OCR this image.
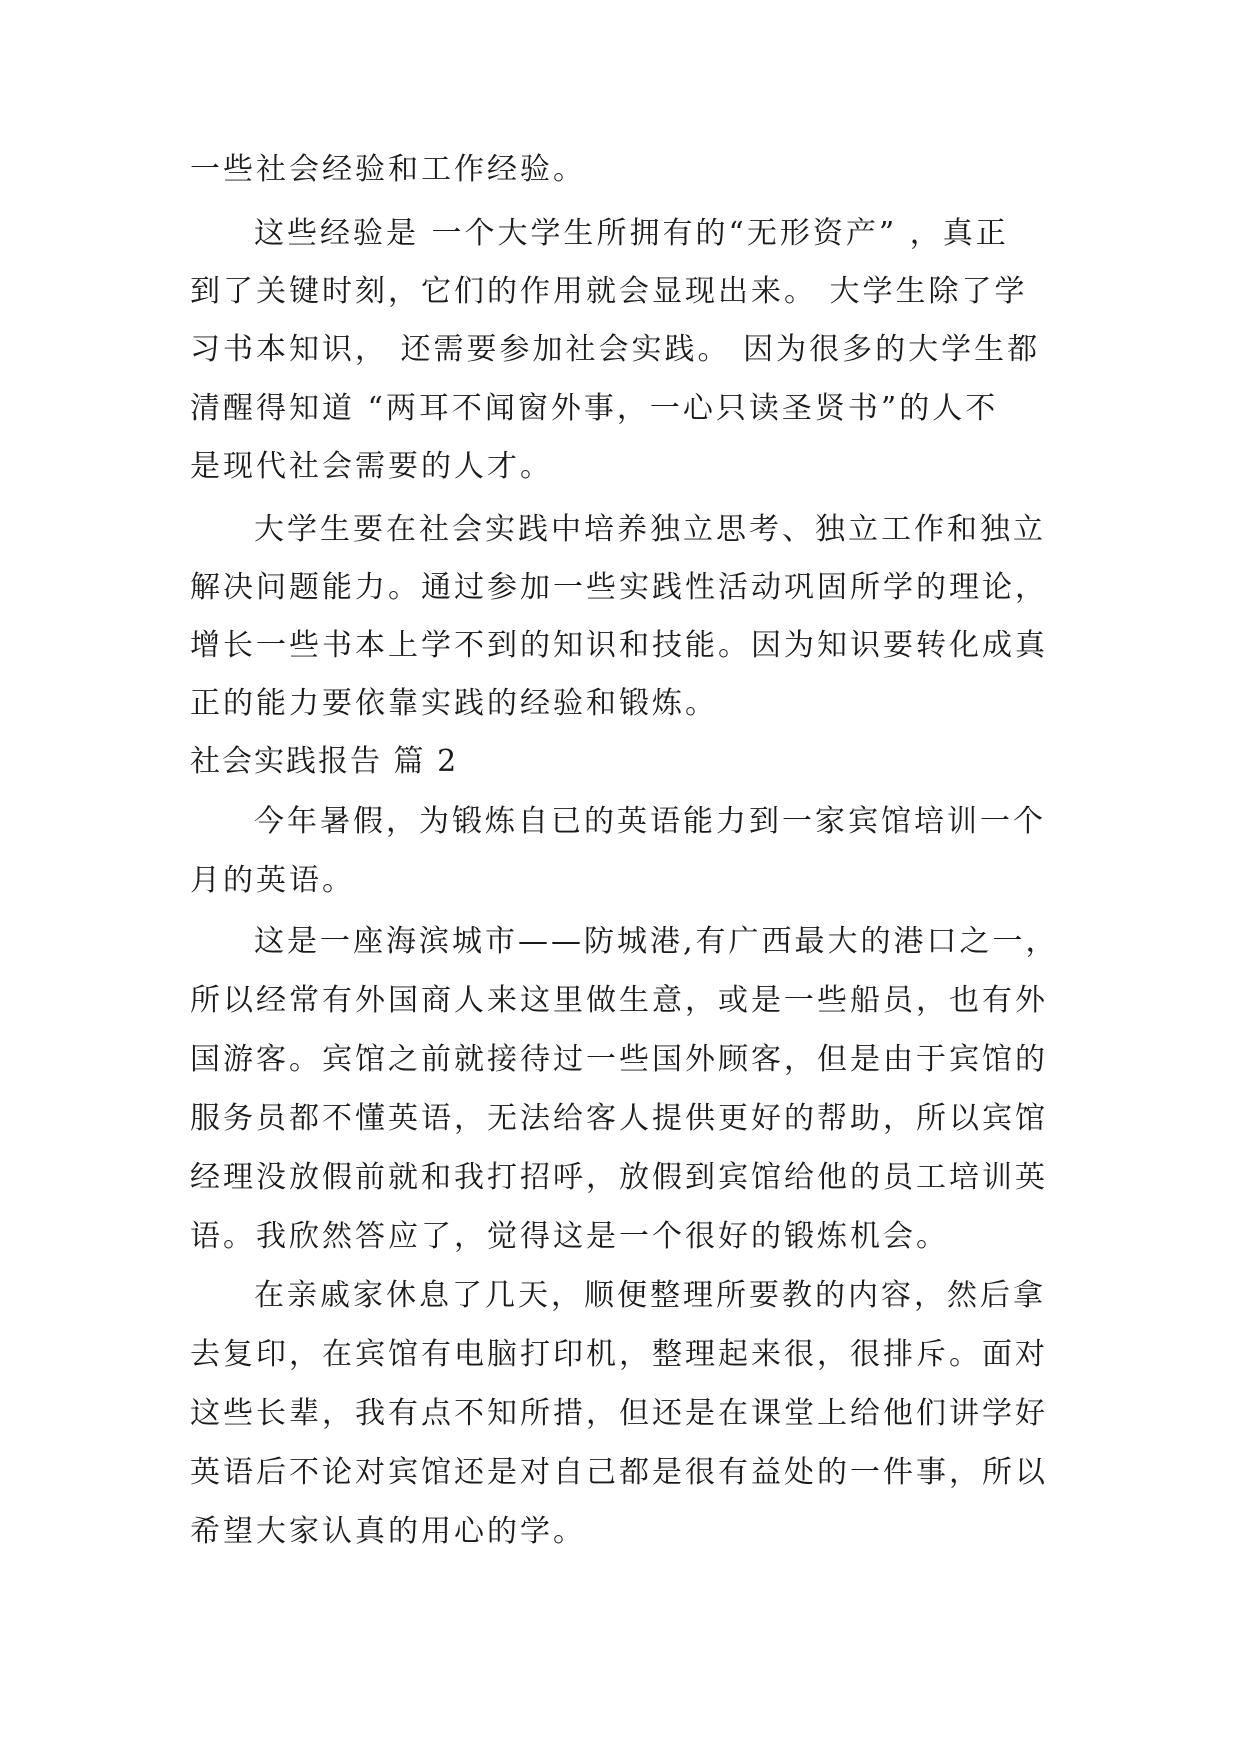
一些社会经验和工作经验。
这些经验是 一个大学生所拥有的“无形资产” ，真正
到了关键时刻，它们的作用就会显现出来。 大学生除了学
习书本知识， 还需要参加社会实践。 因为很多的大学生都
清醒得知道 “两耳不闻窗外事，一心只读圣贤书”的人不
是现代社会需要的人才。
大学生要在社会实践中培养独立思考、独立工作和独立
解决问题能力。通过参加一些实践性活动巩固所学的理论，
增长一些书本上学不到的知识和技能。因为知识要转化成真
正的能力要依靠实践的经验和锻炼。
社会实践报告 篇 2
今年暑假，为锻炼自已的英语能力到一家宾馆培训一个
月的英语。
这是一座海滨城市——防城港,有广西最大的港口之一，
所以经常有外国商人来这里做生意，或是一些船员，也有外
国游客。宾馆之前就接待过一些国外顾客，但是由于宾馆的
服务员都不懂英语，无法给客人提供更好的帮助，所以宾馆
经理没放假前就和我打招呼，放假到宾馆给他的员工培训英
语。我欣然答应了，觉得这是一个很好的锻炼机会。
在亲戚家休息了几天，顺便整理所要教的内容，然后拿
去复印，在宾馆有电脑打印机，整理起来很，很排斥。面对
这些长辈，我有点不知所措，但还是在课堂上给他们讲学好
英语后不论对宾馆还是对自己都是很有益处的一件事，所以
希望大家认真的用心的学。
